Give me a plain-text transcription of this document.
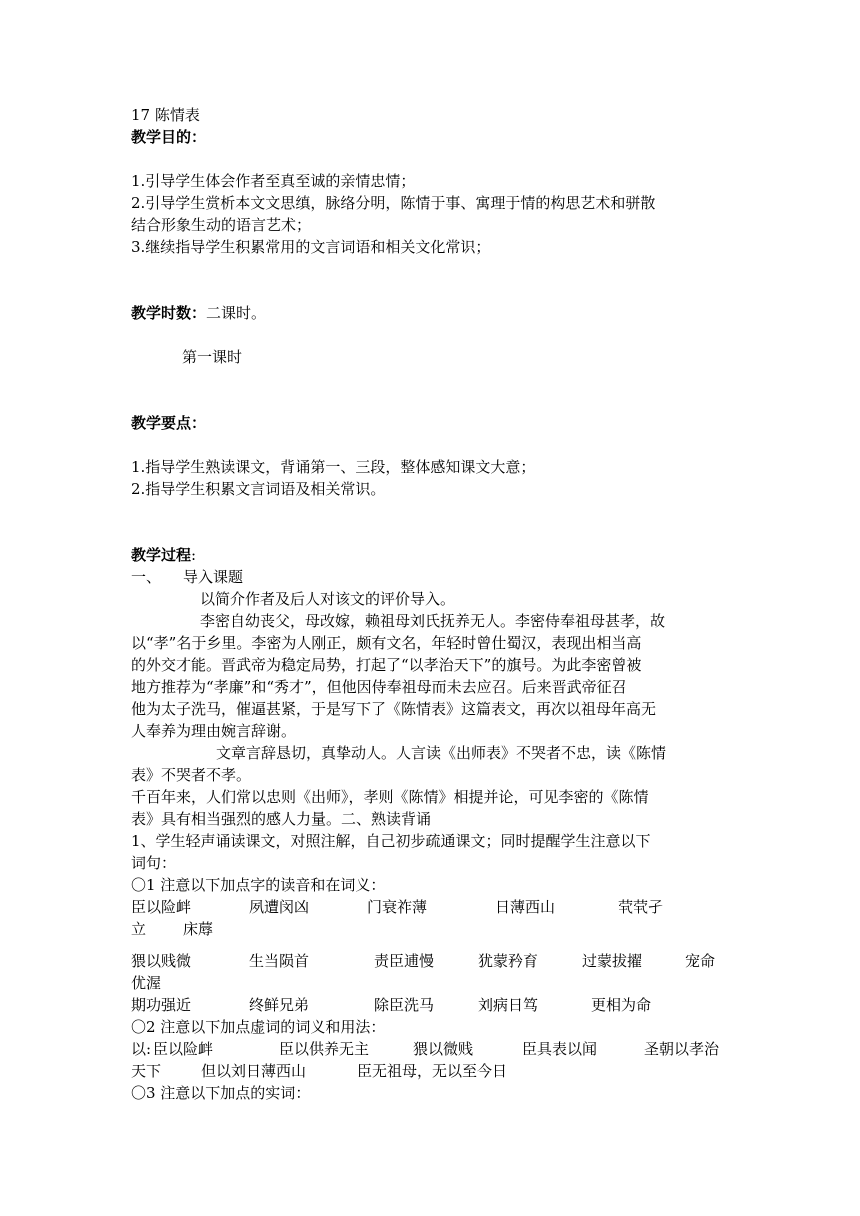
17 陈情表
教学目的：
1.引导学生体会作者至真至诚的亲情忠情；
2.引导学生赏析本文文思缜，脉络分明，陈情于事、寓理于情的构思艺术和骈散
结合形象生动的语言艺术；
3.继续指导学生积累常用的文言词语和相关文化常识；
教学时数：二课时。
第一课时
教学要点：
1.指导学生熟读课文，背诵第一、三段，整体感知课文大意；
2.指导学生积累文言词语及相关常识。
教学过程:
一、 导入课题
以简介作者及后人对该文的评价导入。
李密自幼丧父，母改嫁，赖祖母刘氏抚养无人。李密侍奉祖母甚孝，故
以“孝”名于乡里。李密为人刚正，颇有文名，年轻时曾仕蜀汉，表现出相当高
的外交才能。晋武帝为稳定局势，打起了“以孝治天下”的旗号。为此李密曾被
地方推荐为“孝廉”和“秀才”，但他因侍奉祖母而未去应召。后来晋武帝征召
他为太子洗马，催逼甚紧，于是写下了《陈情表》这篇表文，再次以祖母年高无
人奉养为理由婉言辞谢。
文章言辞恳切，真挚动人。人言读《出师表》不哭者不忠，读《陈情
表》不哭者不孝。
千百年来，人们常以忠则《出师》，孝则《陈情》相提并论，可见李密的《陈情
表》具有相当强烈的感人力量。二、熟读背诵
1、学生轻声诵读课文，对照注解，自己初步疏通课文；同时提醒学生注意以下
词句：
〇1 注意以下加点字的读音和在词义：
臣以险衅	夙遭闵凶	门衰祚薄	日薄西山	茕茕孑
立 床蓐
猥以贱微	生当陨首	责臣逋慢	犹蒙矜育	过蒙拔擢	宠命
优渥
期功强近	终鲜兄弟	除臣洗马	刘病日笃	更相为命
〇2 注意以下加点虚词的词义和用法：
以: 臣以险衅	臣以供养无主	猥以微贱	臣具表以闻	圣朝以孝治
天下	但以刘日薄西山	臣无祖母，无以至今日
〇3 注意以下加点的实词：
